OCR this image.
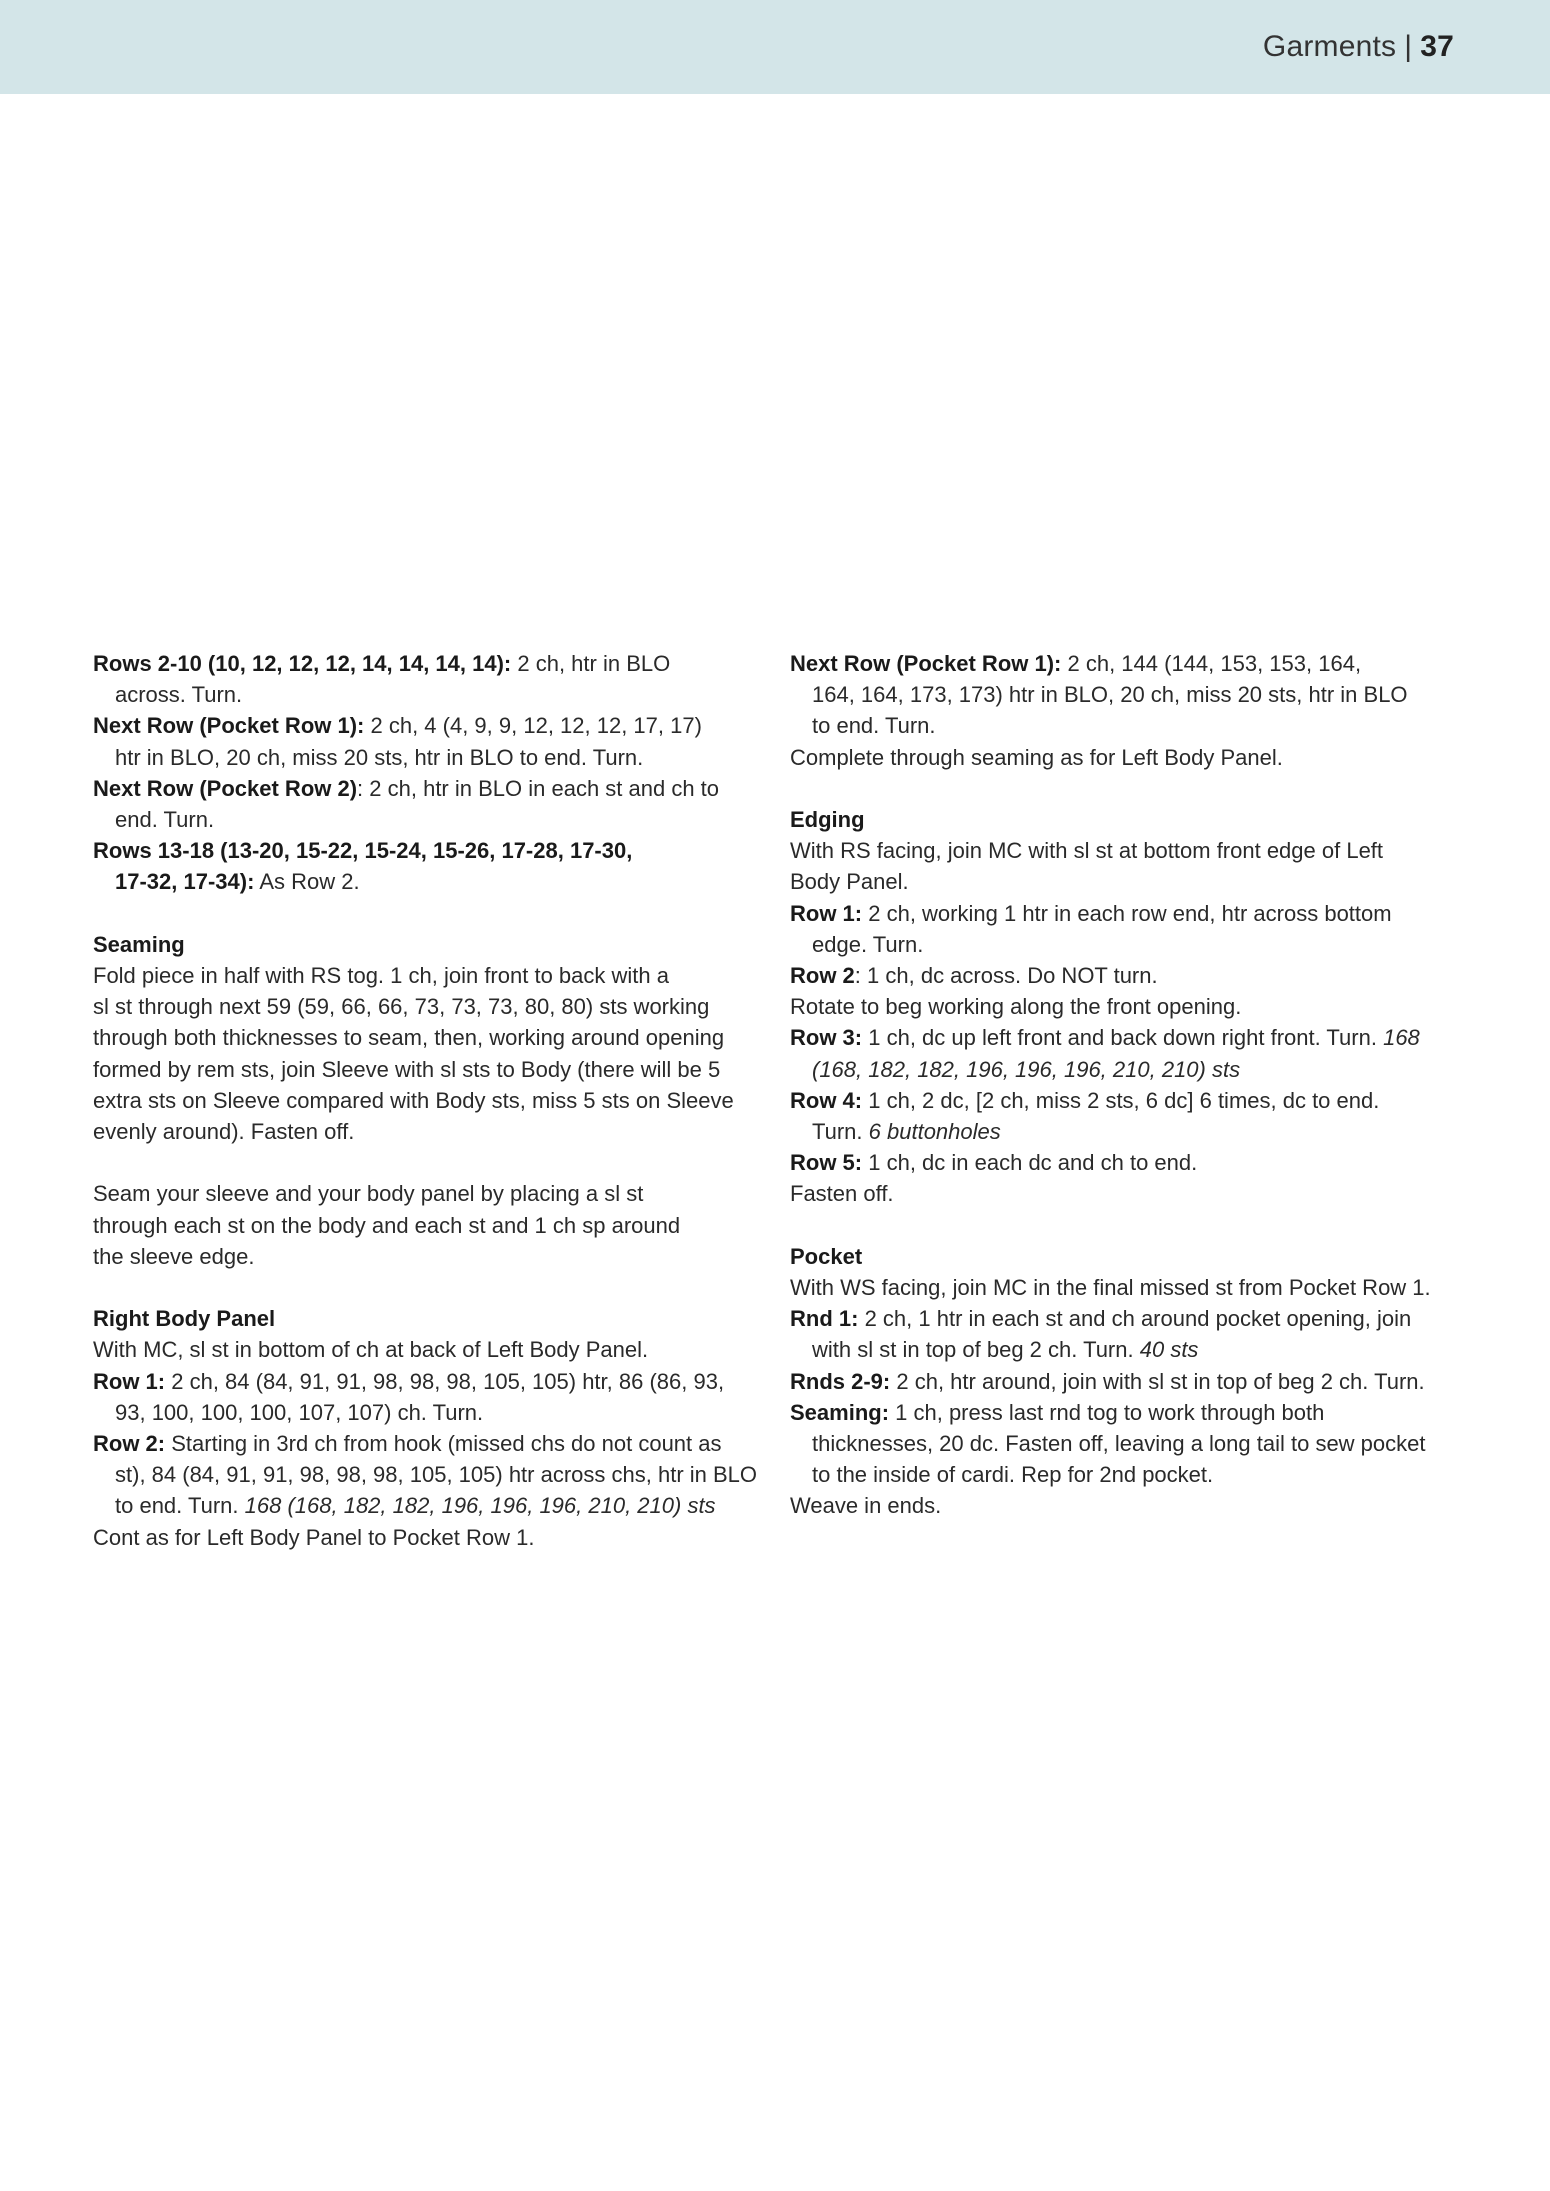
Garments | 37

Rows 2-10 (10, 12, 12, 12, 14, 14, 14, 14): 2 ch, htr in BLO

across. Turn.

Next Row (Pocket Row 1): 2 ch, 4 (4, 9, 9, 12, 12, 12, 17, 17)

htr in BLO, 20 ch, miss 20 sts, htr in BLO to end. Turn.

Next Row (Pocket Row 2): 2 ch, htr in BLO in each st and ch to

end. Turn.

Rows 13-18 (13-20, 15-22, 15-24, 15-26, 17-28, 17-30,

17-32, 17-34): As Row 2.

Seaming

Fold piece in half with RS tog. 1 ch, join front to back with a

sl st through next 59 (59, 66, 66, 73, 73, 73, 80, 80) sts working

through both thicknesses to seam, then, working around opening

formed by rem sts, join Sleeve with sl sts to Body (there will be 5

extra sts on Sleeve compared with Body sts, miss 5 sts on Sleeve

evenly around). Fasten off.

Seam your sleeve and your body panel by placing a sl st

through each st on the body and each st and 1 ch sp around

the sleeve edge.

Right Body Panel

With MC, sl st in bottom of ch at back of Left Body Panel.

Row 1: 2 ch, 84 (84, 91, 91, 98, 98, 98, 105, 105) htr, 86 (86, 93,

93, 100, 100, 100, 107, 107) ch. Turn.

Row 2: Starting in 3rd ch from hook (missed chs do not count as

st), 84 (84, 91, 91, 98, 98, 98, 105, 105) htr across chs, htr in BLO

to end. Turn. 168 (168, 182, 182, 196, 196, 196, 210, 210) sts

Cont as for Left Body Panel to Pocket Row 1.

Next Row (Pocket Row 1): 2 ch, 144 (144, 153, 153, 164,

164, 164, 173, 173) htr in BLO, 20 ch, miss 20 sts, htr in BLO

to end. Turn.

Complete through seaming as for Left Body Panel.

Edging

With RS facing, join MC with sl st at bottom front edge of Left

Body Panel.

Row 1: 2 ch, working 1 htr in each row end, htr across bottom

edge. Turn.

Row 2: 1 ch, dc across. Do NOT turn.

Rotate to beg working along the front opening.

Row 3: 1 ch, dc up left front and back down right front. Turn. 168

(168, 182, 182, 196, 196, 196, 210, 210) sts

Row 4: 1 ch, 2 dc, [2 ch, miss 2 sts, 6 dc] 6 times, dc to end.

Turn. 6 buttonholes

Row 5: 1 ch, dc in each dc and ch to end.

Fasten off.

Pocket

With WS facing, join MC in the final missed st from Pocket Row 1.

Rnd 1: 2 ch, 1 htr in each st and ch around pocket opening, join

with sl st in top of beg 2 ch. Turn. 40 sts

Rnds 2-9: 2 ch, htr around, join with sl st in top of beg 2 ch. Turn.

Seaming: 1 ch, press last rnd tog to work through both

thicknesses, 20 dc. Fasten off, leaving a long tail to sew pocket

to the inside of cardi. Rep for 2nd pocket.

Weave in ends.
